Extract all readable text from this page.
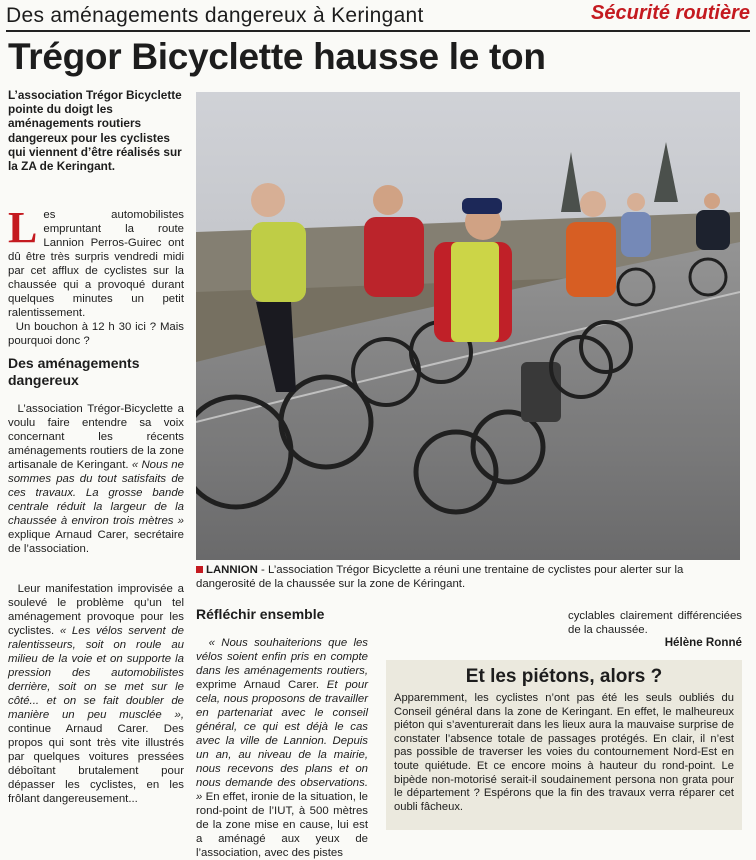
Des aménagements dangereux à Keringant	Sécurité routière
Trégor Bicyclette hausse le ton
L’association Trégor Bicyclette pointe du doigt les aménagements routiers dangereux pour les cyclistes qui viennent d’être réalisés sur la ZA de Keringant.
Les automobilistes empruntant la route Lannion Perros-Guirec ont dû être très surpris vendredi midi par cet afflux de cyclistes sur la chaussée qui a provoqué durant quelques minutes un petit ralentissement.
Un bouchon à 12 h 30 ici ? Mais pourquoi donc ?
Des aménagements dangereux
L’association Trégor-Bicyclette a voulu faire entendre sa voix concernant les récents aménagements routiers de la zone artisanale de Keringant. « Nous ne sommes pas du tout satisfaits de ces travaux. La grosse bande centrale réduit la largeur de la chaussée à environ trois mètres » explique Arnaud Carer, secrétaire de l’association.
Leur manifestation improvisée a soulevé le problème qu’un tel aménagement provoque pour les cyclistes. « Les vélos servent de ralentisseurs, soit on roule au milieu de la voie et on supporte la pression des automobilistes derrière, soit on se met sur le côté... et on se fait doubler de manière un peu musclée », continue Arnaud Carer. Des propos qui sont très vite illustrés par quelques voitures pressées déboîtant brutalement pour dépasser les cyclistes, en les frôlant dangereusement...
LANNION - L’association Trégor Bicyclette a réuni une trentaine de cyclistes pour alerter sur la dangerosité de la chaussée sur la zone de Kéringant.
Réfléchir ensemble
« Nous souhaiterions que les vélos soient enfin pris en compte dans les aménagements routiers, exprime Arnaud Carer. Et pour cela, nous proposons de travailler en partenariat avec le conseil général, ce qui est déjà le cas avec la ville de Lannion. Depuis un an, au niveau de la mairie, nous recevons des plans et on nous demande des observations. » En effet, ironie de la situation, le rond-point de l’IUT, à 500 mètres de la zone mise en cause, lui est a aménagé aux yeux de l’association, avec des pistes
cyclables clairement différenciées de la chaussée.
Hélène Ronné
Et les piétons, alors ?
Apparemment, les cyclistes n’ont pas été les seuls oubliés du Conseil général dans la zone de Keringant. En effet, le malheureux piéton qui s’aventurerait dans les lieux aura la mauvaise surprise de constater l’absence totale de passages protégés. En clair, il n’est pas possible de traverser les voies du contournement Nord-Est en toute quiétude. Et ce encore moins à hauteur du rond-point. Le bipède non-motorisé serait-il soudainement persona non grata pour le département ? Espérons que la fin des travaux verra réparer cet oubli fâcheux.
